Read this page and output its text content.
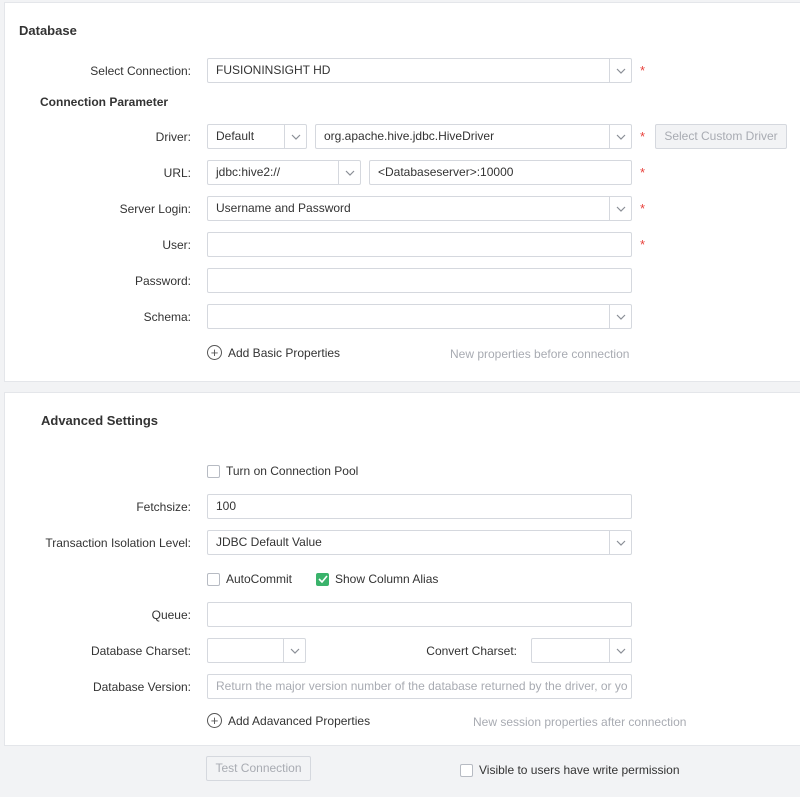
Database
Select Connection:	FUSIONINSIGHT HD	*
Connection Parameter
Driver:	Default	org.apache.hive.jdbc.HiveDriver	*	Select Custom Driver
URL:	jdbc:hive2://	<Databaseserver>:10000	*
Server Login:	Username and Password	*
User:	*
Password:
Schema:
+ Add Basic Properties	New properties before connection
Advanced Settings
Turn on Connection Pool
Fetchsize:	100
Transaction Isolation Level:	JDBC Default Value
AutoCommit	Show Column Alias
Queue:
Database Charset:	Convert Charset:
Database Version:	Return the major version number of the database returned by the driver, or yo
+ Add Adavanced Properties	New session properties after connection
Test Connection	Visible to users have write permission
